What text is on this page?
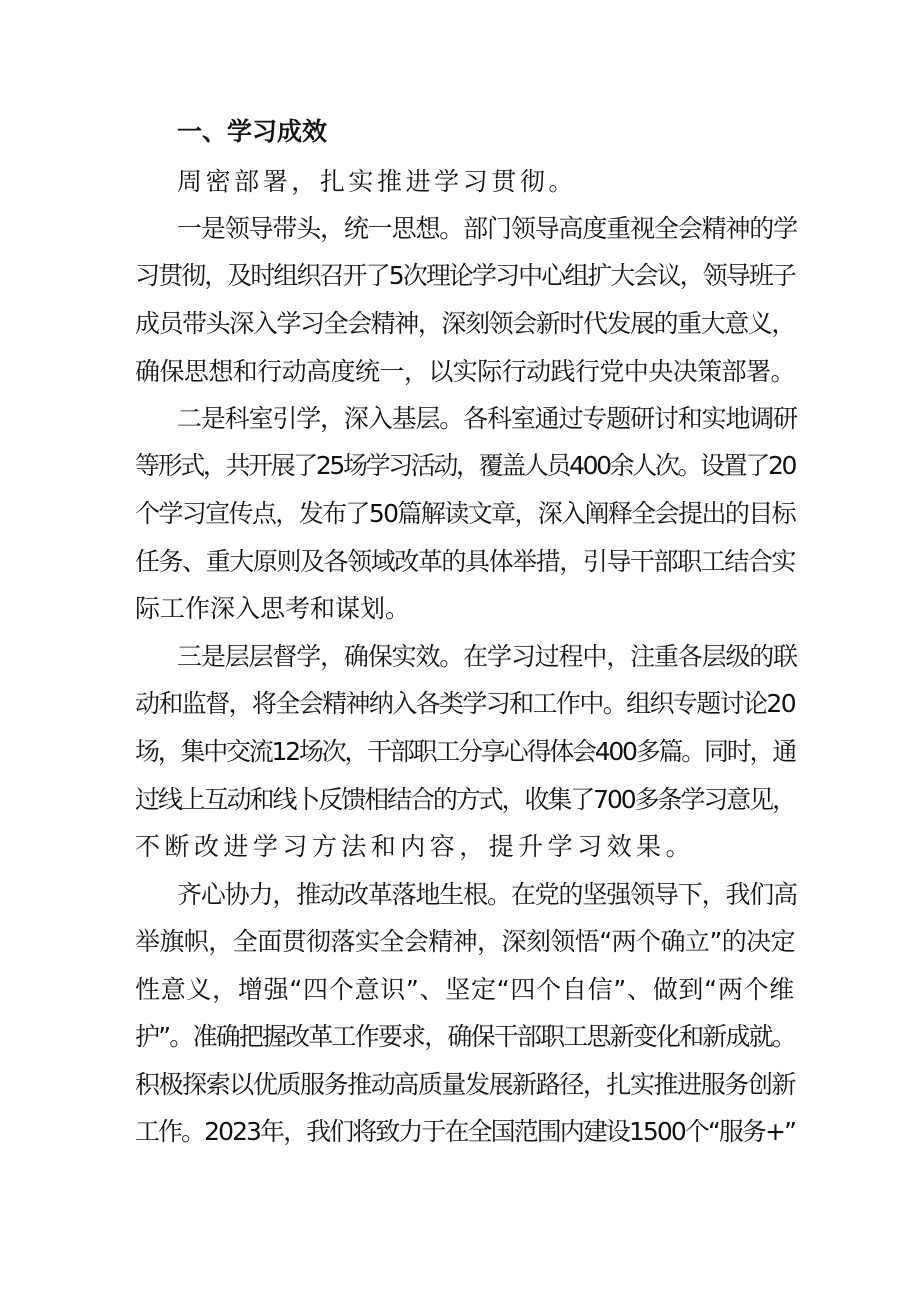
一、学习成效
周密部署，扎实推进学习贯彻。
一是领导带头，统一思想。部门领导高度重视全会精神的学
习贯彻，及时组织召开了5次理论学习中心组扩大会议，领导班子
成员带头深入学习全会精神，深刻领会新时代发展的重大意义，
确保思想和行动高度统一，以实际行动践行党中央决策部署。
二是科室引学，深入基层。各科室通过专题研讨和实地调研
等形式，共开展了25场学习活动，覆盖人员400余人次。设置了20
个学习宣传点，发布了50篇解读文章，深入阐释全会提出的目标
任务、重大原则及各领域改革的具体举措，引导干部职工结合实
际工作深入思考和谋划。
三是层层督学，确保实效。在学习过程中，注重各层级的联
动和监督，将全会精神纳入各类学习和工作中。组织专题讨论20
场，集中交流12场次，干部职工分享心得体会400多篇。同时，通
过线上互动和线卜反馈相结合的方式，收集了700多条学习意见，
不断改进学习方法和内容，提升学习效果。
齐心协力，推动改革落地生根。在党的坚强领导下，我们高
举旗帜，全面贯彻落实全会精神，深刻领悟“两个确立”的决定
性意义，增强“四个意识”、坚定“四个自信”、做到“两个维
护”。准确把握改革工作要求，确保干部职工思新变化和新成就。
积极探索以优质服务推动高质量发展新路径，扎实推进服务创新
工作。2023年，我们将致力于在全国范围内建设1500个“服务+”
